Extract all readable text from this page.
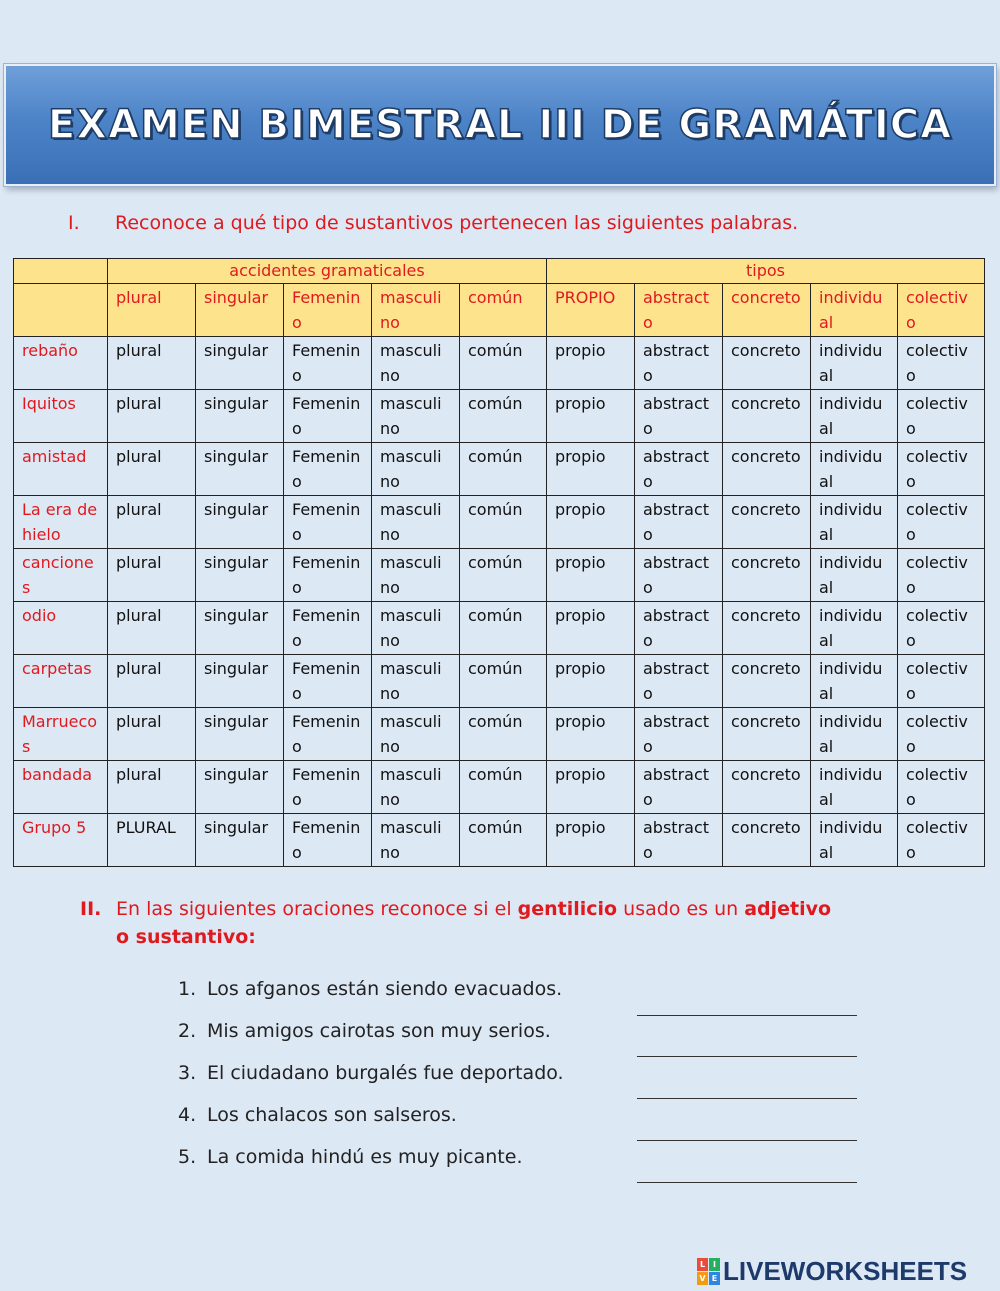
EXAMEN BIMESTRAL III DE GRAMÁTICA
I. Reconoce a qué tipo de sustantivos pertenecen las siguientes palabras.
	accidentes gramaticales					tipos				
	plural	singular	Femenino	masculino	común	PROPIO	abstracto	concreto	individual	colectivo
rebaño	plural	singular	Femenino	masculino	común	propio	abstracto	concreto	individual	colectivo
Iquitos	plural	singular	Femenino	masculino	común	propio	abstracto	concreto	individual	colectivo
amistad	plural	singular	Femenino	masculino	común	propio	abstracto	concreto	individual	colectivo
La era de hielo	plural	singular	Femenino	masculino	común	propio	abstracto	concreto	individual	colectivo
canciones	plural	singular	Femenino	masculino	común	propio	abstracto	concreto	individual	colectivo
odio	plural	singular	Femenino	masculino	común	propio	abstracto	concreto	individual	colectivo
carpetas	plural	singular	Femenino	masculino	común	propio	abstracto	concreto	individual	colectivo
Marruecos	plural	singular	Femenino	masculino	común	propio	abstracto	concreto	individual	colectivo
bandada	plural	singular	Femenino	masculino	común	propio	abstracto	concreto	individual	colectivo
Grupo 5	PLURAL	singular	Femenino	masculino	común	propio	abstracto	concreto	individual	colectivo
II. En las siguientes oraciones reconoce si el gentilicio usado es un adjetivo o sustantivo:
1. Los afganos están siendo evacuados.
2. Mis amigos cairotas son muy serios.
3. El ciudadano burgalés fue deportado.
4. Los chalacos son salseros.
5. La comida hindú es muy picante.
L I
V E LIVEWORKSHEETS
